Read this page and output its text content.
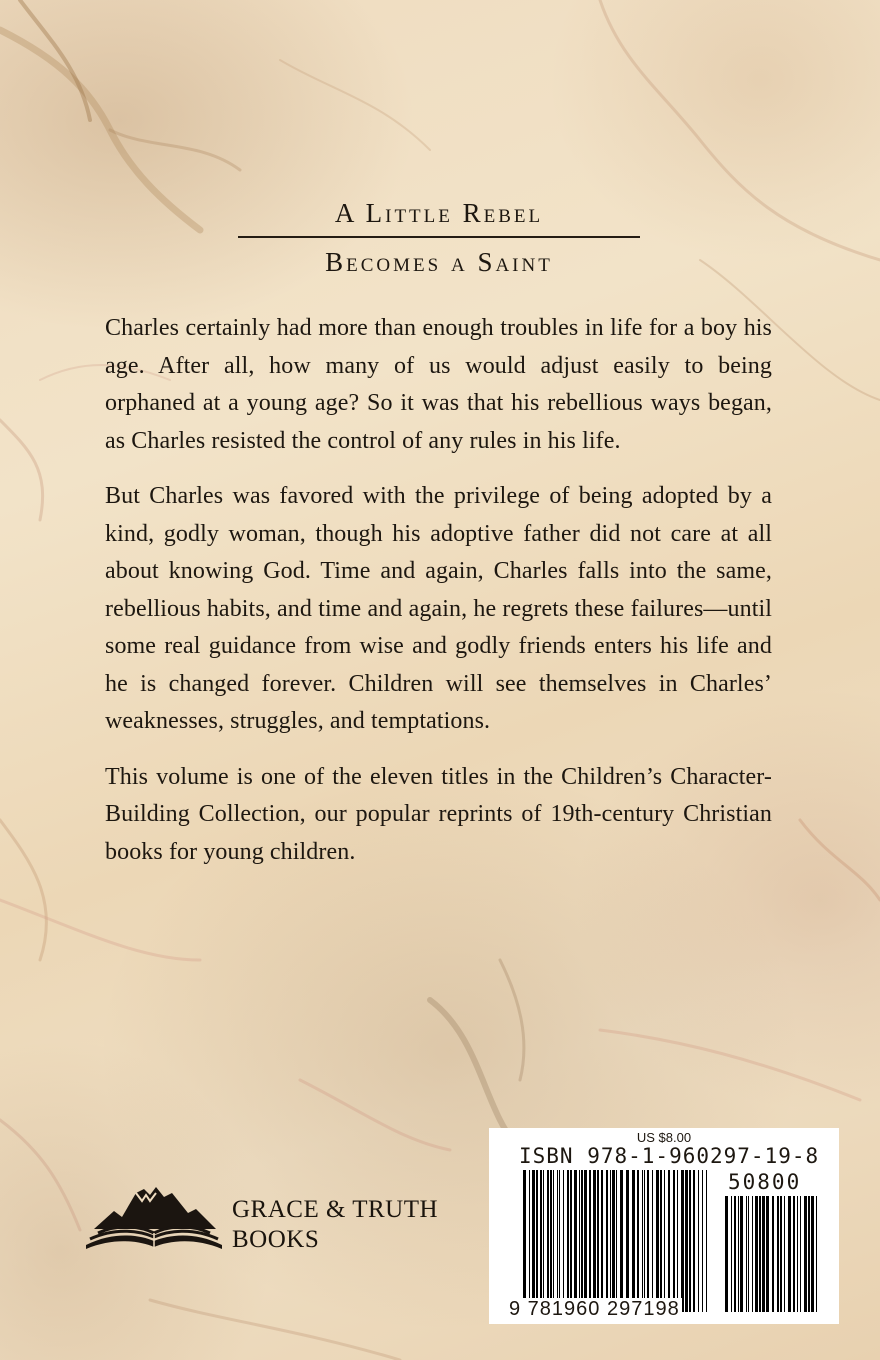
A Little Rebel
Becomes a Saint

Charles certainly had more than enough troubles in life for a boy his age. After all, how many of us would adjust easily to being orphaned at a young age? So it was that his rebellious ways began, as Charles resisted the control of any rules in his life.

But Charles was favored with the privilege of being adopted by a kind, godly woman, though his adoptive father did not care at all about knowing God. Time and again, Charles falls into the same, rebellious habits, and time and again, he regrets these failures—until some real guidance from wise and godly friends enters his life and he is changed forever. Children will see themselves in Charles’ weaknesses, struggles, and temptations.

This volume is one of the eleven titles in the Children’s Character-Building Collection, our popular reprints of 19th-century Christian books for young children.

GRACE & TRUTH
BOOKS
US $8.00
ISBN 978-1-960297-19-8
50800
9 781960 297198
